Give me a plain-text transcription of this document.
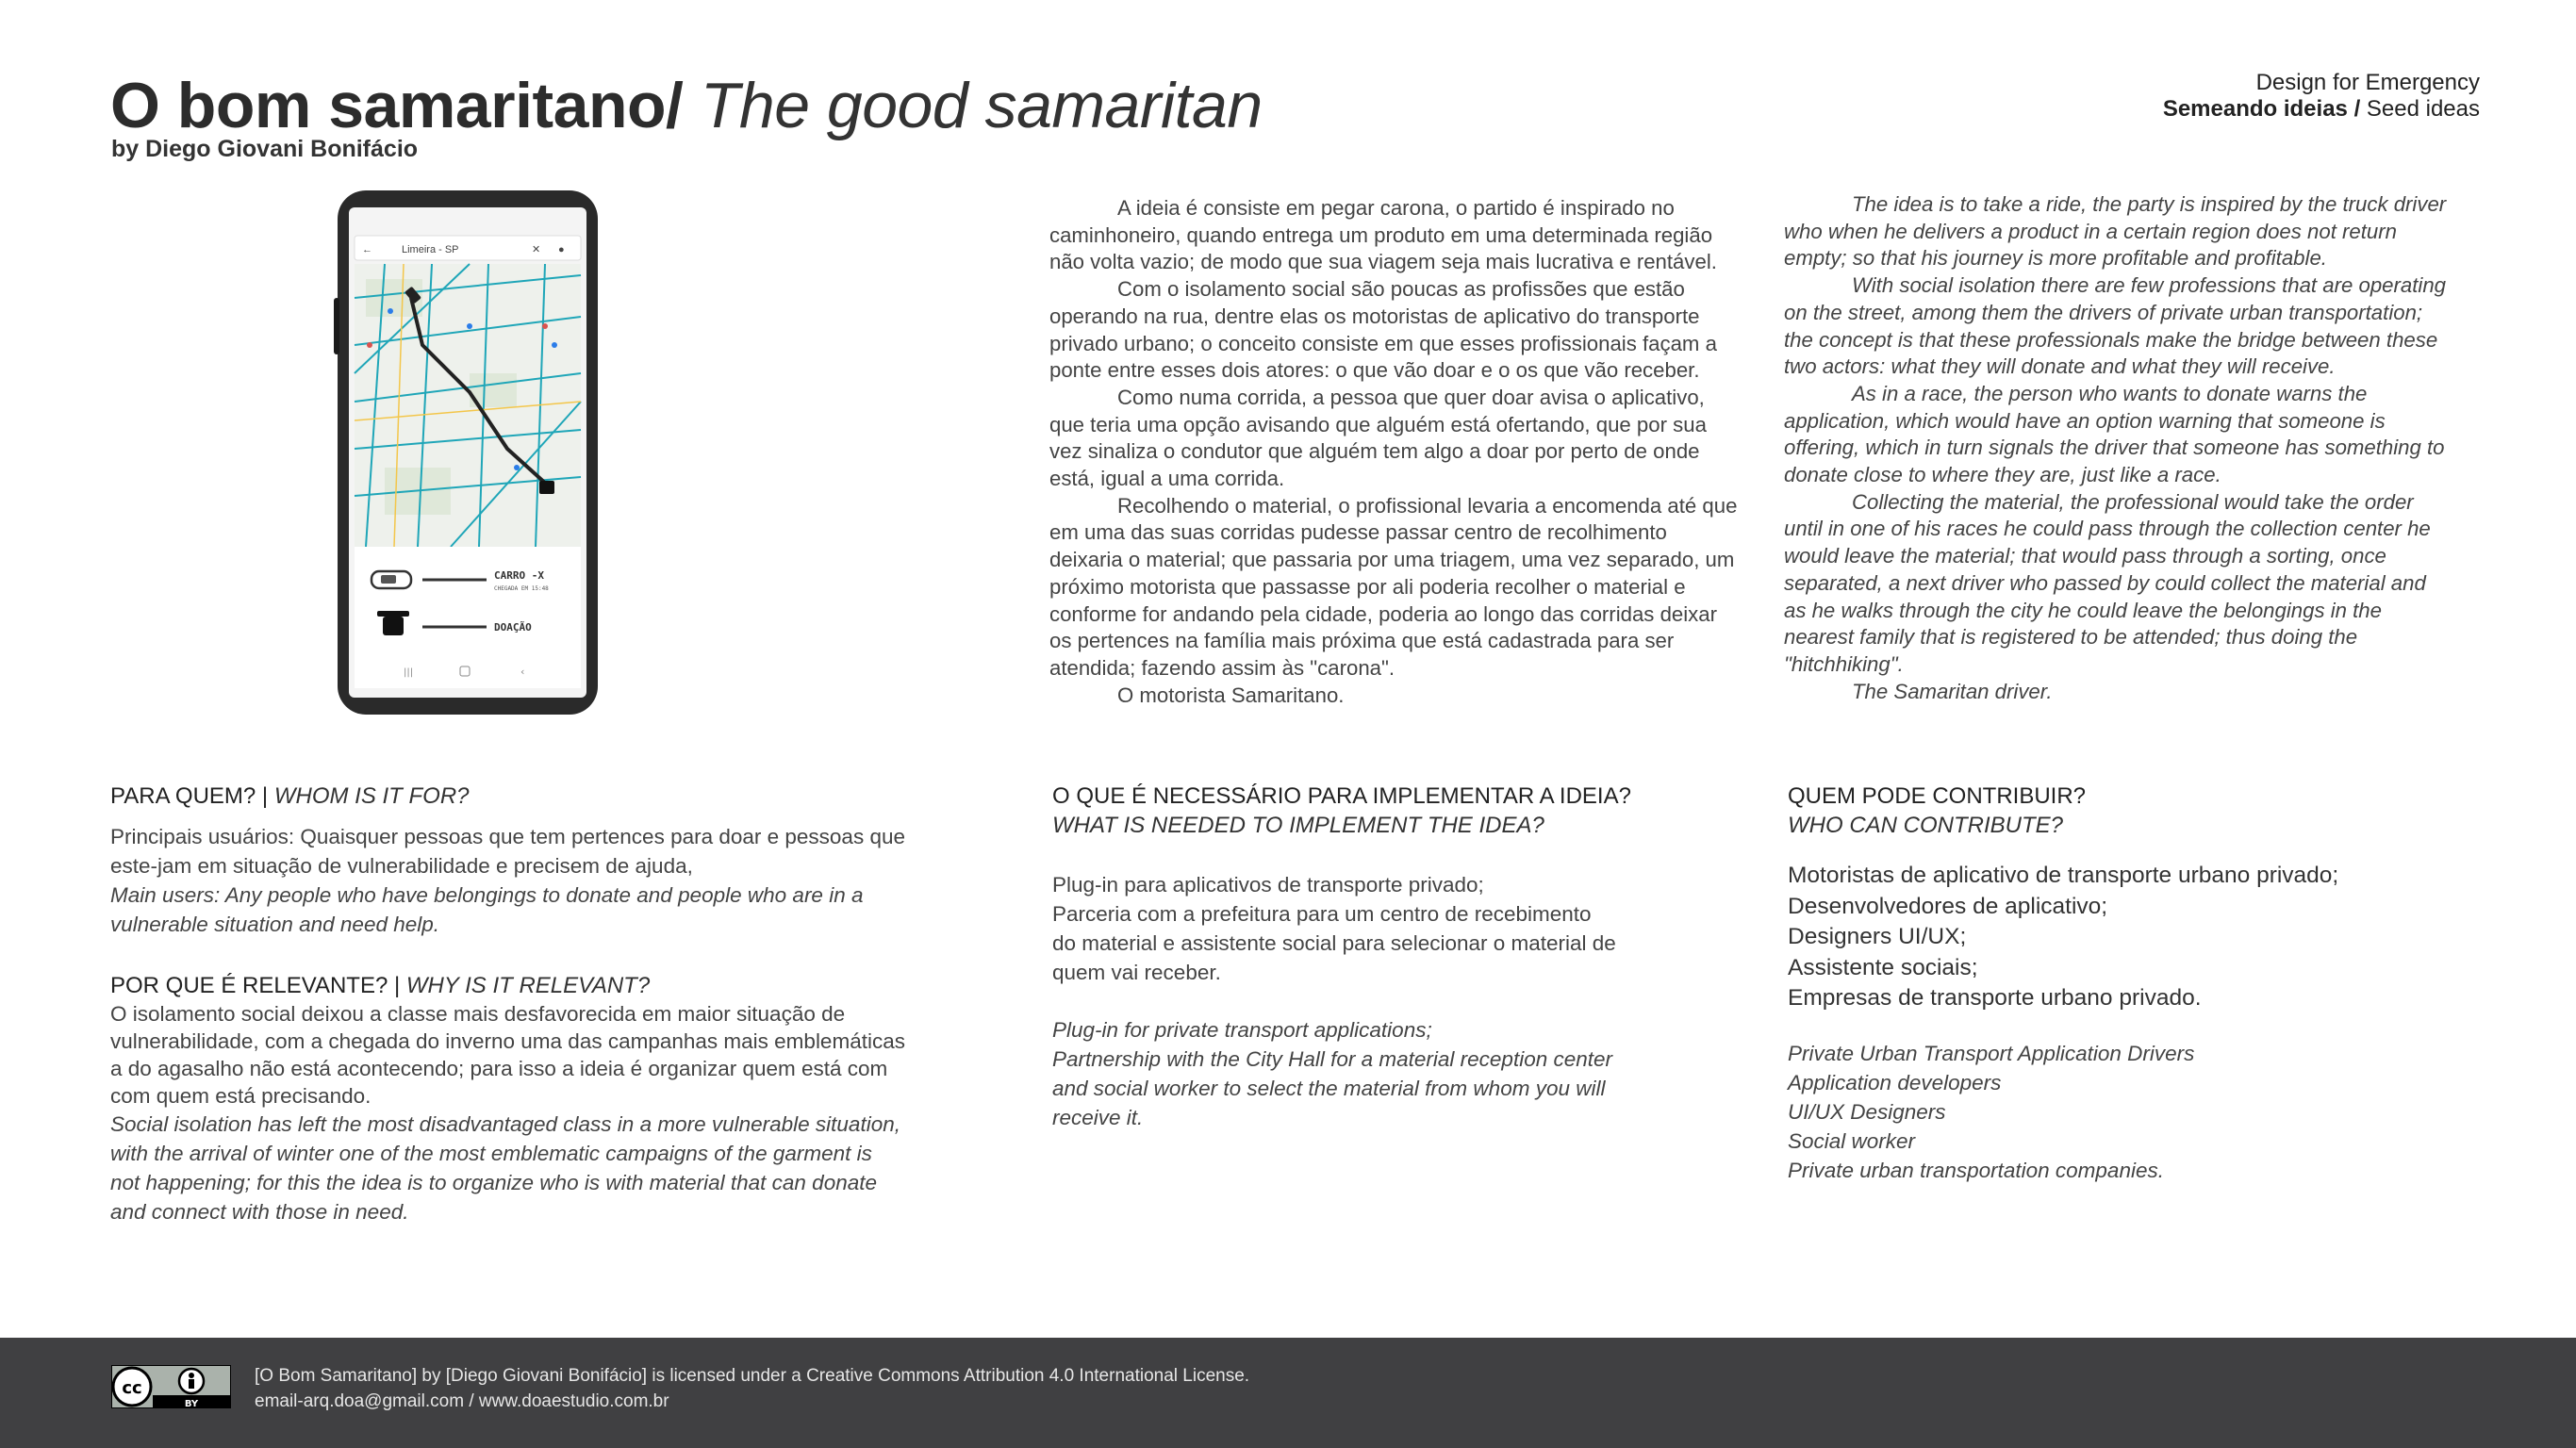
O bom samaritano/ The good samaritan
by Diego Giovani Bonifácio
Design for Emergency
Semeando ideias / Seed ideas
←	Limeira - SP	✕ ●
CARRO -X
CHEGADA EM 15:48
DOAÇÃO
|||	‹

A ideia é consiste em pegar carona, o partido é inspirado no caminhoneiro, quando entrega um produto em uma determinada região não volta vazio; de modo que sua viagem seja mais lucrativa e rentável.

Com o isolamento social são poucas as profissões que estão operando na rua, dentre elas os motoristas de aplicativo do transporte privado urbano; o conceito consiste em que esses profissionais façam a ponte entre esses dois atores: o que vão doar e o os que vão receber.

Como numa corrida, a pessoa que quer doar avisa o aplicativo, que teria uma opção avisando que alguém está ofertando, que por sua vez sinaliza o condutor que alguém tem algo a doar por perto de onde está, igual a uma corrida.

Recolhendo o material, o profissional levaria a encomenda até que em uma das suas corridas pudesse passar centro de recolhimento deixaria o material; que passaria por uma triagem, uma vez separado, um próximo motorista que passasse por ali poderia recolher o material e conforme for andando pela cidade, poderia ao longo das corridas deixar os pertences na família mais próxima que está cadastrada para ser atendida; fazendo assim às "carona".

O motorista Samaritano.

The idea is to take a ride, the party is inspired by the truck driver who when he delivers a product in a certain region does not return empty; so that his journey is more profitable and profitable.

With social isolation there are few professions that are operating on the street, among them the drivers of private urban transportation; the concept is that these professionals make the bridge between these two actors: what they will donate and what they will receive.

As in a race, the person who wants to donate warns the application, which would have an option warning that someone is offering, which in turn signals the driver that someone has something to donate close to where they are, just like a race.

Collecting the material, the professional would take the order until in one of his races he could pass through the collection center he would leave the material; that would pass through a sorting, once separated, a next driver who passed by could collect the material and as he walks through the city he could leave the belongings in the nearest family that is registered to be attended; thus doing the "hitchhiking".

The Samaritan driver.

PARA QUEM? | WHOM IS IT FOR?
Principais usuários: Quaisquer pessoas que tem pertences para doar e pessoas que
este-jam em situação de vulnerabilidade e precisem de ajuda,
Main users: Any people who have belongings to donate and people who are in a
vulnerable situation and need help.
POR QUE É RELEVANTE? | WHY IS IT RELEVANT?
O isolamento social deixou a classe mais desfavorecida em maior situação de
vulnerabilidade, com a chegada do inverno uma das campanhas mais emblemáticas
a do agasalho não está acontecendo; para isso a ideia é organizar quem está com
com quem está precisando.
Social isolation has left the most disadvantaged class in a more vulnerable situation,
with the arrival of winter one of the most emblematic campaigns of the garment is
not happening; for this the idea is to organize who is with material that can donate
and connect with those in need.
O QUE É NECESSÁRIO PARA IMPLEMENTAR A IDEIA?
WHAT IS NEEDED TO IMPLEMENT THE IDEA?
Plug-in para aplicativos de transporte privado;
Parceria com a prefeitura para um centro de recebimento
do material e assistente social para selecionar o material de
quem vai receber.
Plug-in for private transport applications;
Partnership with the City Hall for a material reception center
and social worker to select the material from whom you will
receive it.
QUEM PODE CONTRIBUIR?
WHO CAN CONTRIBUTE?
Motoristas de aplicativo de transporte urbano privado;
Desenvolvedores de aplicativo;
Designers UI/UX;
Assistente sociais;
Empresas de transporte urbano privado.
Private Urban Transport Application Drivers
Application developers
UI/UX Designers
Social worker
Private urban transportation companies.
cc
BY
[O Bom Samaritano] by [Diego Giovani Bonifácio] is licensed under a Creative Commons Attribution 4.0 International License.
email-arq.doa@gmail.com / www.doaestudio.com.br
